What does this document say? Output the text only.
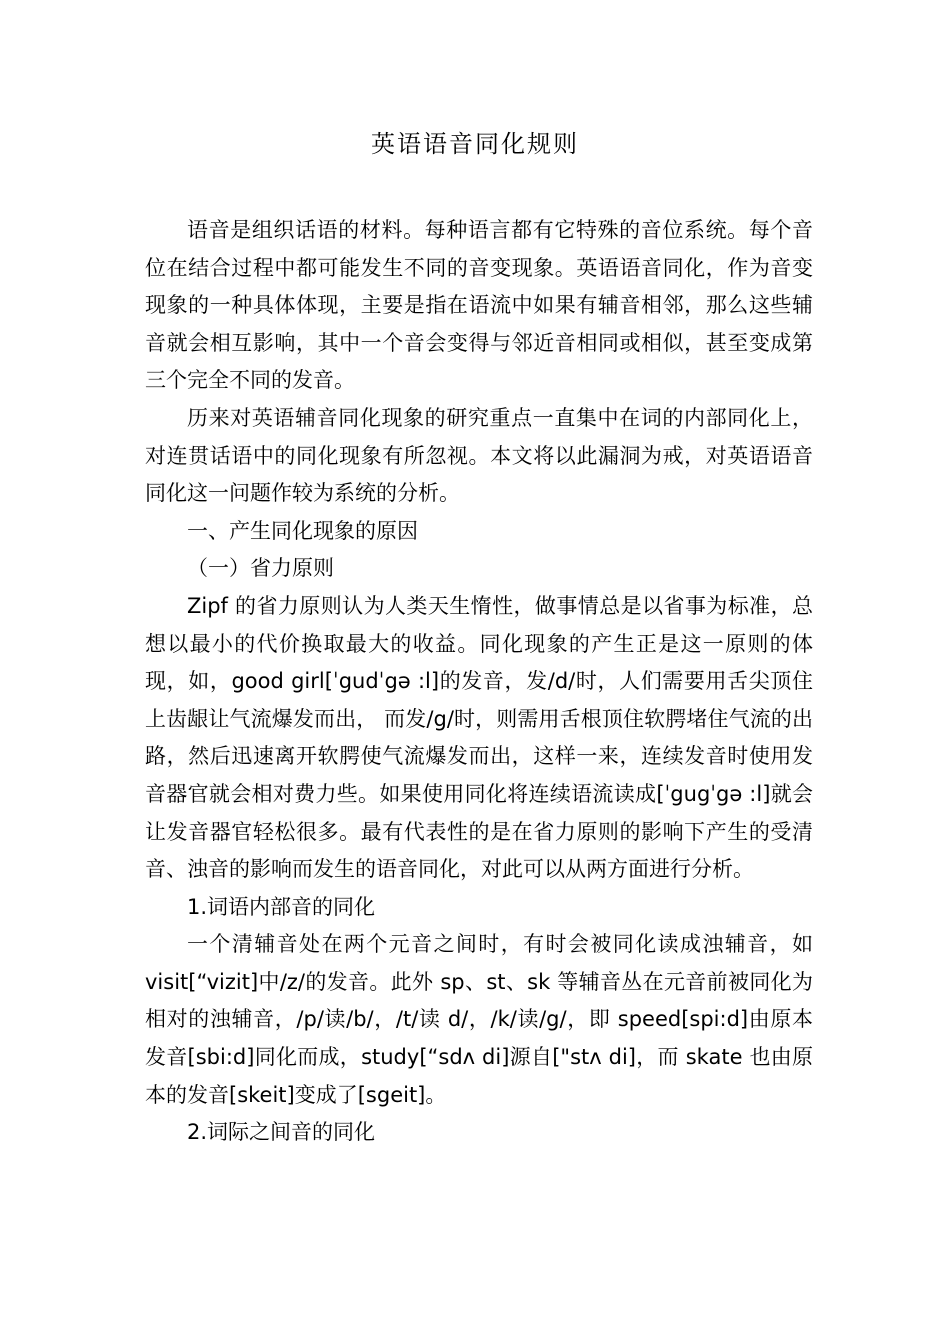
英语语音同化规则

语音是组织话语的材料。每种语言都有它特殊的音位系统。每个音位在结合过程中都可能发生不同的音变现象。英语语音同化，作为音变现象的一种具体体现，主要是指在语流中如果有辅音相邻，那么这些辅音就会相互影响，其中一个音会变得与邻近音相同或相似，甚至变成第三个完全不同的发音。

历来对英语辅音同化现象的研究重点一直集中在词的内部同化上，对连贯话语中的同化现象有所忽视。本文将以此漏洞为戒，对英语语音同化这一问题作较为系统的分析。

一、产生同化现象的原因

（一）省力原则

Zipf 的省力原则认为人类天生惰性，做事情总是以省事为标准，总想以最小的代价换取最大的收益。同化现象的产生正是这一原则的体现，如，good girl[ˈgudˈgə :l]的发音，发/d/时，人们需要用舌尖顶住上齿龈让气流爆发而出， 而发/g/时，则需用舌根顶住软腭堵住气流的出路，然后迅速离开软腭使气流爆发而出，这样一来，连续发音时使用发音器官就会相对费力些。如果使用同化将连续语流读成[ˈgugˈgə :l]就会让发音器官轻松很多。最有代表性的是在省力原则的影响下产生的受清音、浊音的影响而发生的语音同化，对此可以从两方面进行分析。

1.词语内部音的同化

一个清辅音处在两个元音之间时，有时会被同化读成浊辅音，如 visit[“vizit]中/z/的发音。此外 sp、st、sk 等辅音丛在元音前被同化为相对的浊辅音，/p/读/b/，/t/读 d/，/k/读/g/，即 speed[spi:d]由原本发音[sbi:d]同化而成，study[“sdʌ di]源自["stʌ di]，而 skate 也由原本的发音[skeit]变成了[sgeit]。

2.词际之间音的同化
